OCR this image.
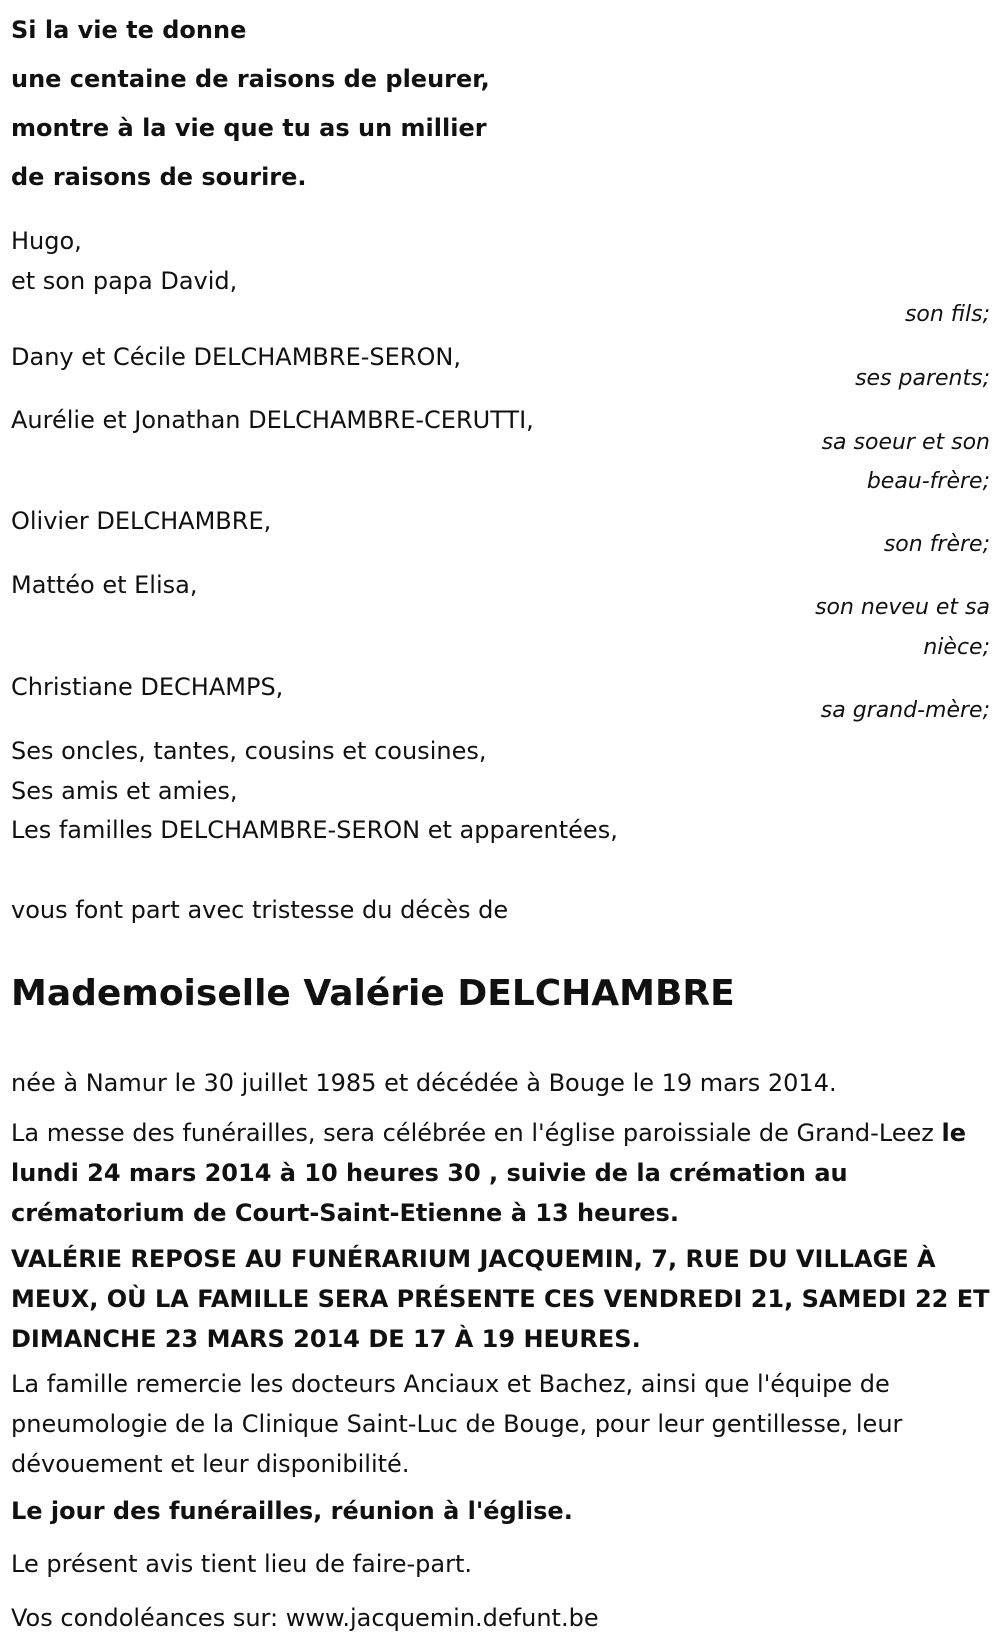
Si la vie te donne
une centaine de raisons de pleurer,
montre à la vie que tu as un millier
de raisons de sourire.
Hugo,
et son papa David,
son fils;
Dany et Cécile DELCHAMBRE-SERON,
ses parents;
Aurélie et Jonathan DELCHAMBRE-CERUTTI,
sa soeur et son
beau-frère;
Olivier DELCHAMBRE,
son frère;
Mattéo et Elisa,
son neveu et sa
nièce;
Christiane DECHAMPS,
sa grand-mère;
Ses oncles, tantes, cousins et cousines,
Ses amis et amies,
Les familles DELCHAMBRE-SERON et apparentées,
vous font part avec tristesse du décès de
Mademoiselle Valérie DELCHAMBRE
née à Namur le 30 juillet 1985 et décédée à Bouge le 19 mars 2014.
La messe des funérailles, sera célébrée en l'église paroissiale de Grand-Leez le lundi 24 mars 2014 à 10 heures 30 , suivie de la crémation au crématorium de Court-Saint-Etienne à 13 heures.
VALÉRIE REPOSE AU FUNÉRARIUM JACQUEMIN, 7, RUE DU VILLAGE À MEUX, OÙ LA FAMILLE SERA PRÉSENTE CES VENDREDI 21, SAMEDI 22 ET DIMANCHE 23 MARS 2014 DE 17 À 19 HEURES.
La famille remercie les docteurs Anciaux et Bachez, ainsi que l'équipe de pneumologie de la Clinique Saint-Luc de Bouge, pour leur gentillesse, leur dévouement et leur disponibilité.
Le jour des funérailles, réunion à l'église.
Le présent avis tient lieu de faire-part.
Vos condoléances sur: www.jacquemin.defunt.be
